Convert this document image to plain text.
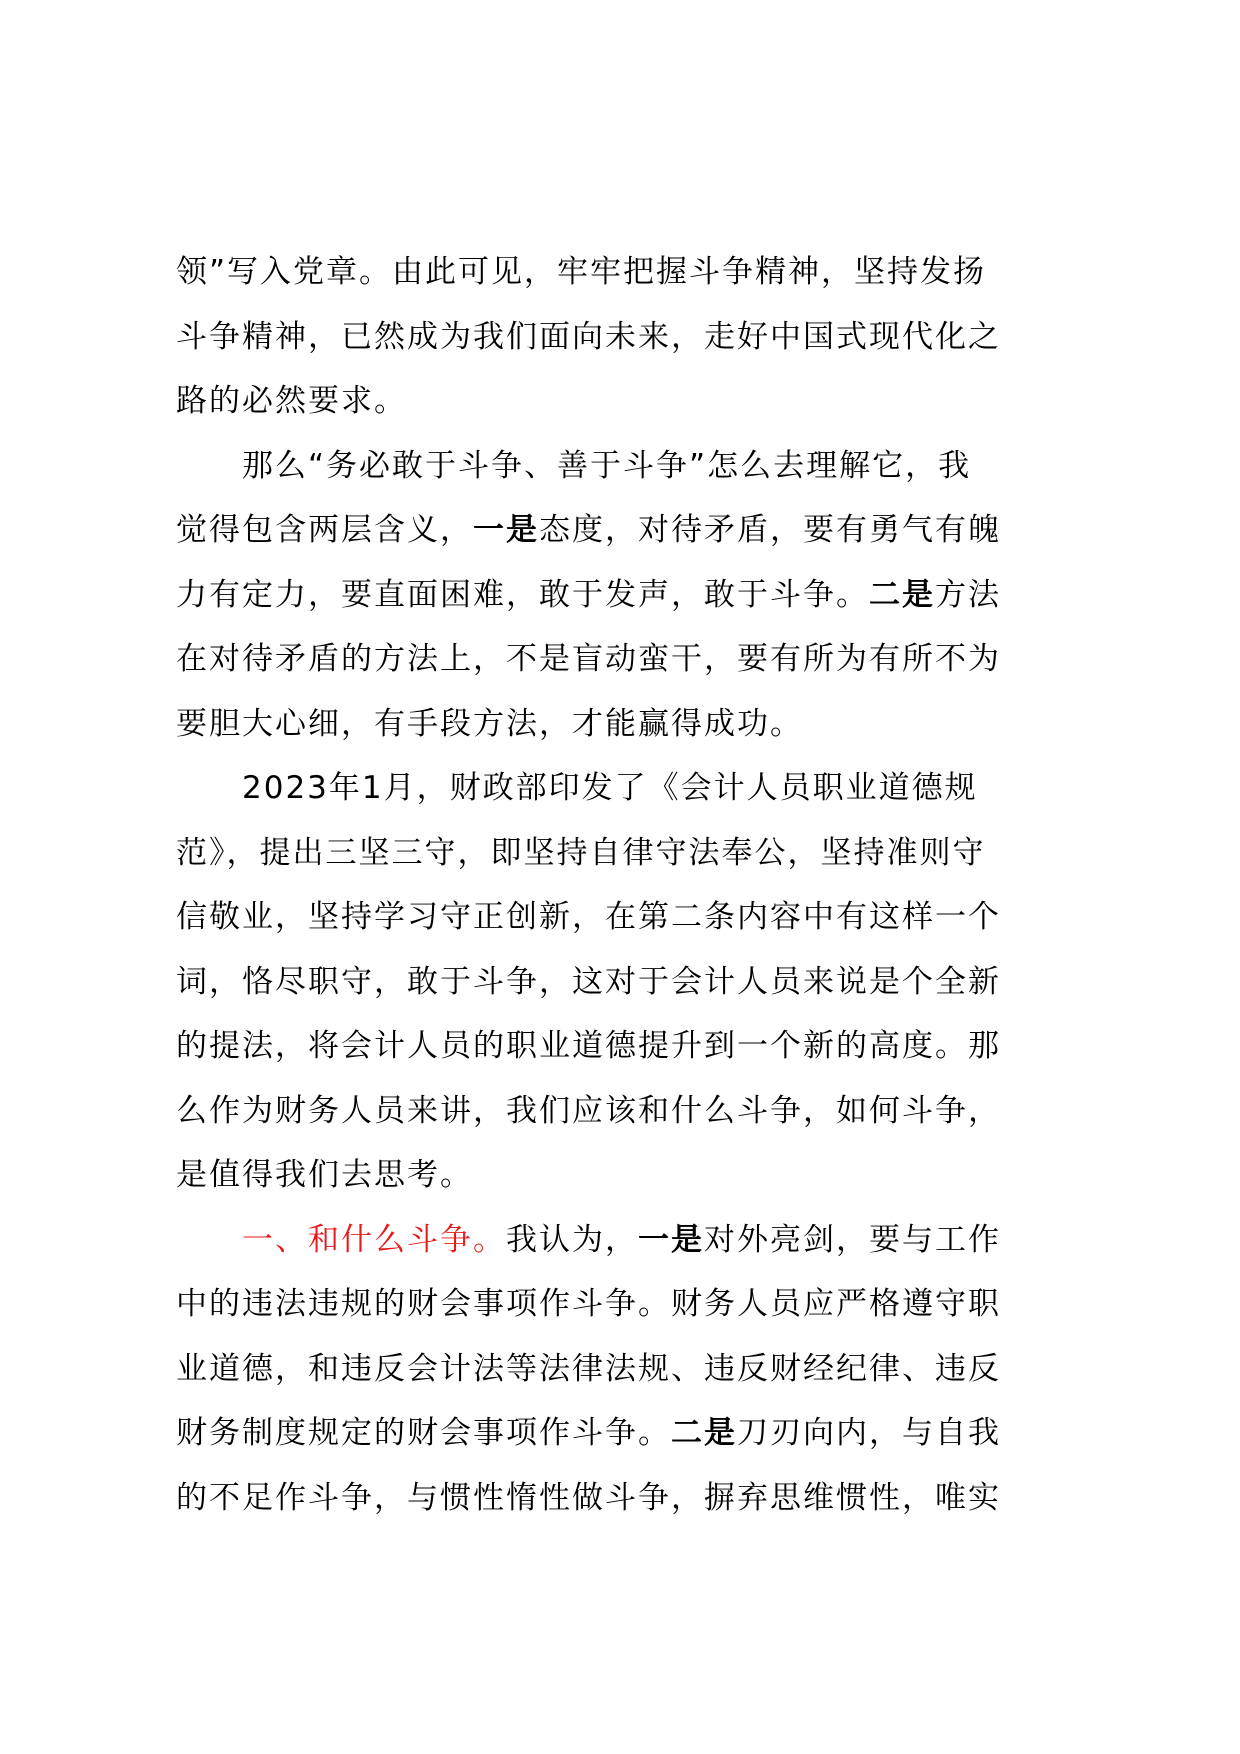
领”写入党章。由此可见，牢牢把握斗争精神，坚持发扬
斗争精神，已然成为我们面向未来，走好中国式现代化之
路的必然要求。
那么“务必敢于斗争、善于斗争”怎么去理解它，我
觉得包含两层含义，一是态度，对待矛盾，要有勇气有魄
力有定力，要直面困难，敢于发声，敢于斗争。二是方法
在对待矛盾的方法上，不是盲动蛮干，要有所为有所不为
要胆大心细，有手段方法，才能赢得成功。
2023年1月，财政部印发了《会计人员职业道德规
范》，提出三坚三守，即坚持自律守法奉公，坚持准则守
信敬业，坚持学习守正创新，在第二条内容中有这样一个
词，恪尽职守，敢于斗争，这对于会计人员来说是个全新
的提法，将会计人员的职业道德提升到一个新的高度。那
么作为财务人员来讲，我们应该和什么斗争，如何斗争，
是值得我们去思考。
一、和什么斗争。我认为，一是对外亮剑，要与工作
中的违法违规的财会事项作斗争。财务人员应严格遵守职
业道德，和违反会计法等法律法规、违反财经纪律、违反
财务制度规定的财会事项作斗争。二是刀刃向内，与自我
的不足作斗争，与惯性惰性做斗争，摒弃思维惯性，唯实
